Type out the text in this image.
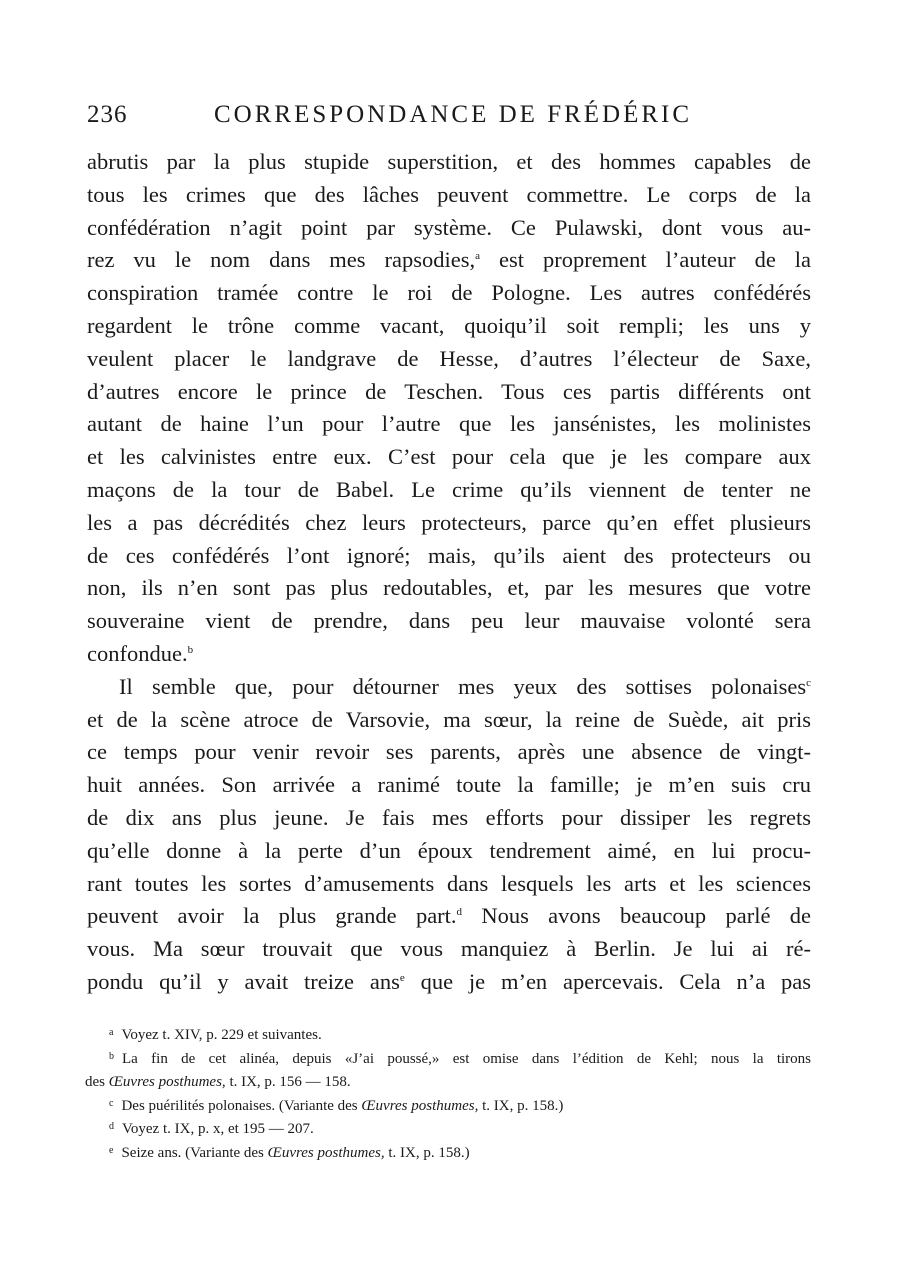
236	CORRESPONDANCE DE FRÉDÉRIC
abrutis par la plus stupide superstition, et des hommes capables de
tous les crimes que des lâches peuvent commettre. Le corps de la
confédération n’agit point par système. Ce Pulawski, dont vous au-
rez vu le nom dans mes rapsodies,$^a$ est proprement l’auteur de la
conspiration tramée contre le roi de Pologne. Les autres confédérés
regardent le trône comme vacant, quoiqu’il soit rempli; les uns y
veulent placer le landgrave de Hesse, d’autres l’électeur de Saxe,
d’autres encore le prince de Teschen. Tous ces partis différents ont
autant de haine l’un pour l’autre que les jansénistes, les molinistes
et les calvinistes entre eux. C’est pour cela que je les compare aux
maçons de la tour de Babel. Le crime qu’ils viennent de tenter ne
les a pas décrédités chez leurs protecteurs, parce qu’en effet plusieurs
de ces confédérés l’ont ignoré; mais, qu’ils aient des protecteurs ou
non, ils n’en sont pas plus redoutables, et, par les mesures que votre
souveraine vient de prendre, dans peu leur mauvaise volonté sera
confondue.$^b$
Il semble que, pour détourner mes yeux des sottises polonaises$^c$
et de la scène atroce de Varsovie, ma sœur, la reine de Suède, ait pris
ce temps pour venir revoir ses parents, après une absence de vingt-
huit années. Son arrivée a ranimé toute la famille; je m’en suis cru
de dix ans plus jeune. Je fais mes efforts pour dissiper les regrets
qu’elle donne à la perte d’un époux tendrement aimé, en lui procu-
rant toutes les sortes d’amusements dans lesquels les arts et les sciences
peuvent avoir la plus grande part.$^d$ Nous avons beaucoup parlé de
vous. Ma sœur trouvait que vous manquiez à Berlin. Je lui ai ré-
pondu qu’il y avait treize ans$^e$ que je m’en apercevais. Cela n’a pas
$^a$ Voyez t. XIV, p. 229 et suivantes.
$^b$ La fin de cet alinéa, depuis «J’ai poussé,» est omise dans l’édition de Kehl; nous la tirons
des Œuvres posthumes, t. IX, p. 156 — 158.
$^c$ Des puérilités polonaises. (Variante des Œuvres posthumes, t. IX, p. 158.)
$^d$ Voyez t. IX, p. x, et 195 — 207.
$^e$ Seize ans. (Variante des Œuvres posthumes, t. IX, p. 158.)
